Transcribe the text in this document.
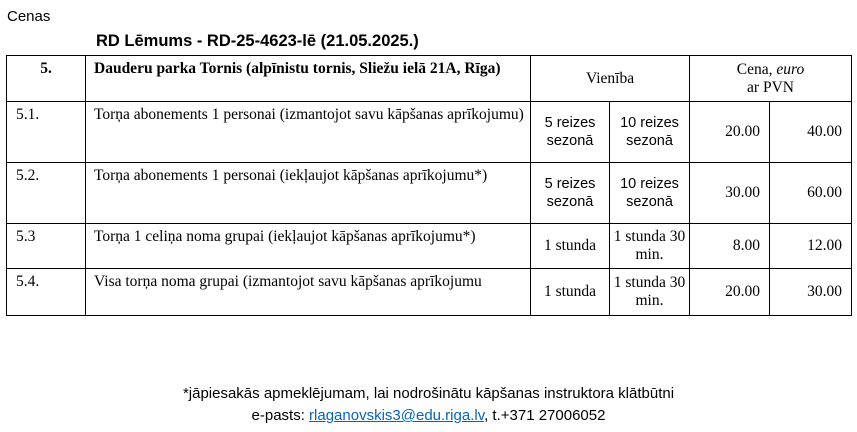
Cenas
RD Lēmums - RD-25-4623-lē (21.05.2025.)
5.	Dauderu parka Tornis (alpīnistu tornis, Sliežu ielā 21A, Rīga)	Vienība		Cena, euro
ar PVN	
5.1.	Torņa abonements 1 personai (izmantojot savu kāpšanas aprīkojumu)	5 reizes sezonā	10 reizes sezonā	20.00	40.00
5.2.	Torņa abonements 1 personai (iekļaujot kāpšanas aprīkojumu*)	5 reizes sezonā	10 reizes sezonā	30.00	60.00
5.3	Torņa 1 celiņa noma grupai (iekļaujot kāpšanas aprīkojumu*)	1 stunda	1 stunda 30 min.	8.00	12.00
5.4.	Visa torņa noma grupai (izmantojot savu kāpšanas aprīkojumu	1 stunda	1 stunda 30 min.	20.00	30.00
*jāpiesakās apmeklējumam, lai nodrošinātu kāpšanas instruktora klātbūtni
e-pasts: rlaganovskis3@edu.riga.lv, t.+371 27006052
